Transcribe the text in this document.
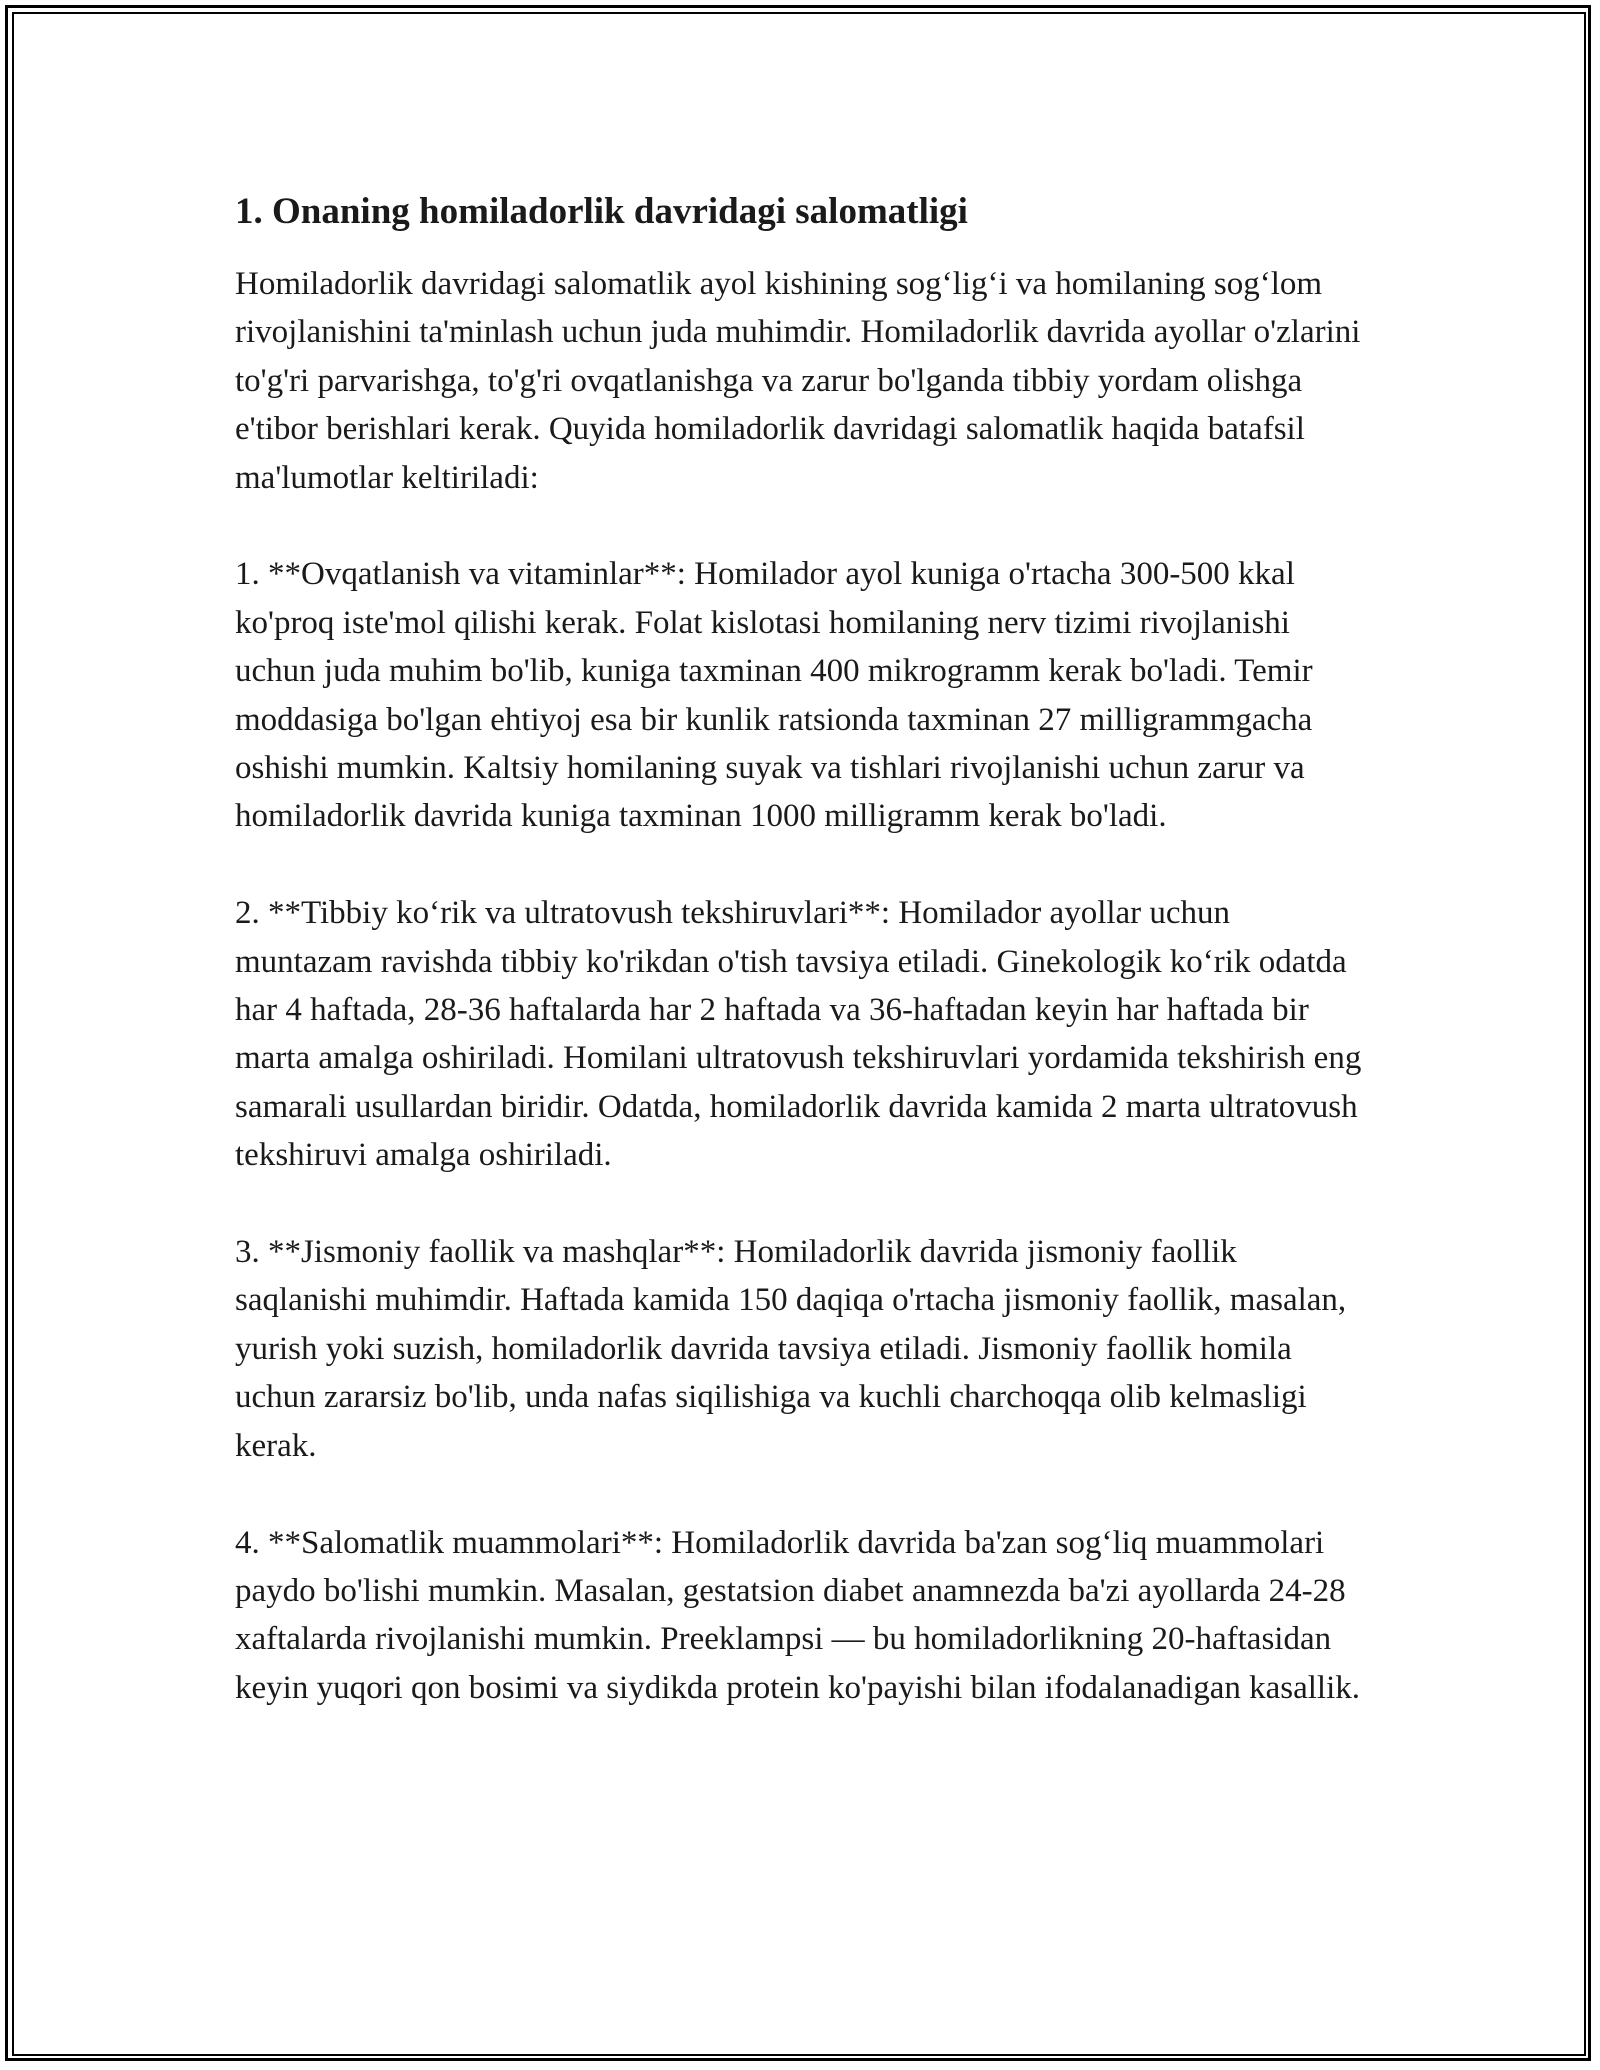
1. Onaning homiladorlik davridagi salomatligi

Homiladorlik davridagi salomatlik ayol kishining sog‘lig‘i va homilaning sog‘lom rivojlanishini ta'minlash uchun juda muhimdir. Homiladorlik davrida ayollar o'zlarini to'g'ri parvarishga, to'g'ri ovqatlanishga va zarur bo'lganda tibbiy yordam olishga e'tibor berishlari kerak. Quyida homiladorlik davridagi salomatlik haqida batafsil ma'lumotlar keltiriladi:

1. **Ovqatlanish va vitaminlar**: Homilador ayol kuniga o'rtacha 300-500 kkal ko'proq iste'mol qilishi kerak. Folat kislotasi homilaning nerv tizimi rivojlanishi uchun juda muhim bo'lib, kuniga taxminan 400 mikrogramm kerak bo'ladi. Temir moddasiga bo'lgan ehtiyoj esa bir kunlik ratsionda taxminan 27 milligrammgacha oshishi mumkin. Kaltsiy homilaning suyak va tishlari rivojlanishi uchun zarur va homiladorlik davrida kuniga taxminan 1000 milligramm kerak bo'ladi.

2. **Tibbiy ko‘rik va ultratovush tekshiruvlari**: Homilador ayollar uchun muntazam ravishda tibbiy ko'rikdan o'tish tavsiya etiladi. Ginekologik ko‘rik odatda har 4 haftada, 28-36 haftalarda har 2 haftada va 36-haftadan keyin har haftada bir marta amalga oshiriladi. Homilani ultratovush tekshiruvlari yordamida tekshirish eng samarali usullardan biridir. Odatda, homiladorlik davrida kamida 2 marta ultratovush tekshiruvi amalga oshiriladi.

3. **Jismoniy faollik va mashqlar**: Homiladorlik davrida jismoniy faollik saqlanishi muhimdir. Haftada kamida 150 daqiqa o'rtacha jismoniy faollik, masalan, yurish yoki suzish, homiladorlik davrida tavsiya etiladi. Jismoniy faollik homila uchun zararsiz bo'lib, unda nafas siqilishiga va kuchli charchoqqa olib kelmasligi kerak.

4. **Salomatlik muammolari**: Homiladorlik davrida ba'zan sog‘liq muammolari paydo bo'lishi mumkin. Masalan, gestatsion diabet anamnezda ba'zi ayollarda 24-28 xaftalarda rivojlanishi mumkin. Preeklampsi — bu homiladorlikning 20-haftasidan keyin yuqori qon bosimi va siydikda protein ko'payishi bilan ifodalanadigan kasallik.
